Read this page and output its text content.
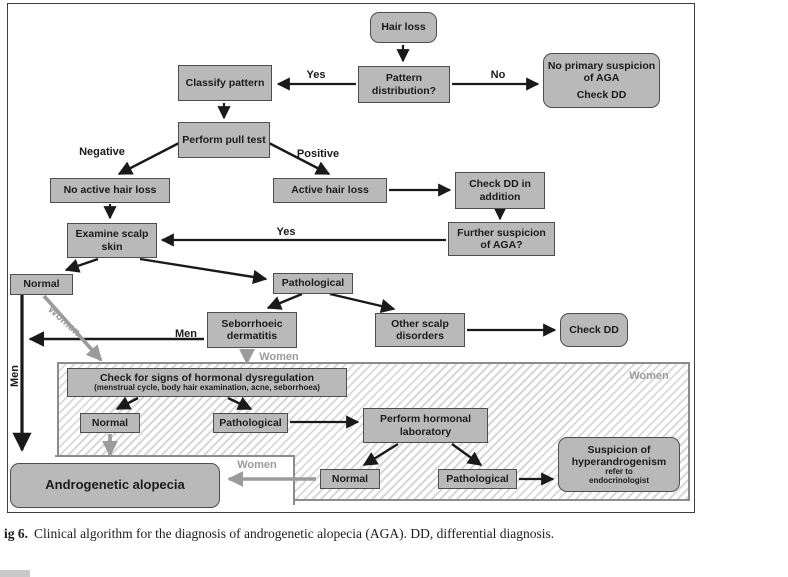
Hair loss
Pattern distribution?
No primary suspicion of AGA
Check DD
Classify pattern
Perform pull test
No active hair loss	Active hair loss
Check DD in addition
Further suspicion of AGA?
Examine scalp skin
Normal	Pathological
Seborrhoeic dermatitis
Other scalp disorders
Check DD
Check for signs of hormonal dysregulation
(menstrual cycle, body hair examination, acne, seborrhoea)
Normal	Pathological	Perform hormonal laboratory
Normal	Pathological
Suspicion of hyperandrogenism
refer to endocrinologist
Androgenetic alopecia
Yes	No
Negative	Positive
Yes
Men
Men
Women
Women
Women
Women
ig 6. Clinical algorithm for the diagnosis of androgenetic alopecia (AGA). DD, differential diagnosis.
